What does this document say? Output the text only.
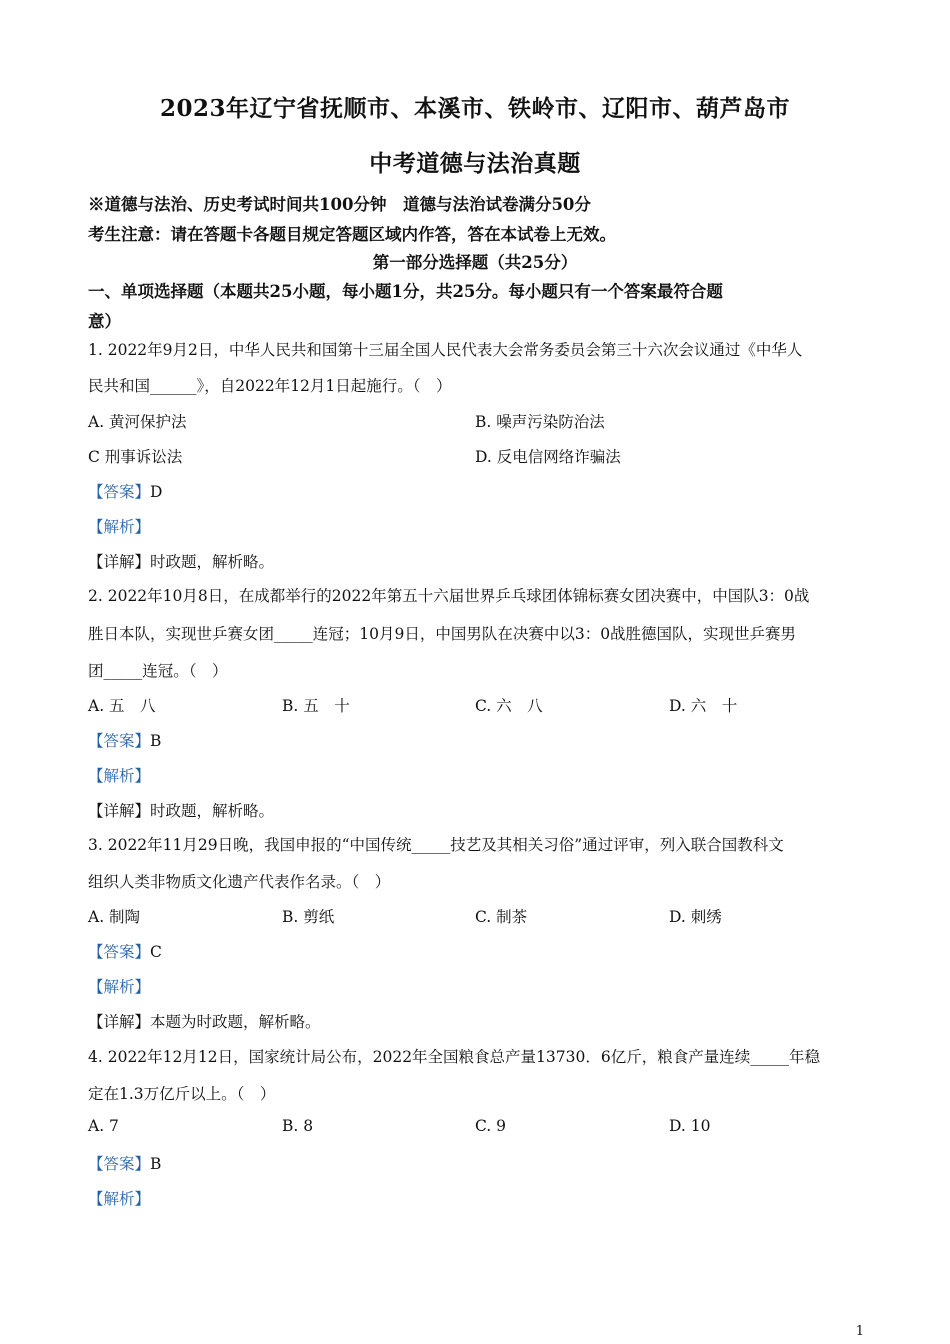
2023年辽宁省抚顺市、本溪市、铁岭市、辽阳市、葫芦岛市
中考道德与法治真题
※道德与法治、历史考试时间共100分钟　道德与法治试卷满分50分
考生注意：请在答题卡各题目规定答题区域内作答，答在本试卷上无效。
第一部分选择题（共25分）
一、单项选择题（本题共25小题，每小题1分，共25分。每小题只有一个答案最符合题
意）
1. 2022年9月2日，中华人民共和国第十三届全国人民代表大会常务委员会第三十六次会议通过《中华人
民共和国______》，自2022年12月1日起施行。（　）
A. 黄河保护法	B. 噪声污染防治法
C 刑事诉讼法	D. 反电信网络诈骗法
【答案】D
【解析】
【详解】时政题，解析略。
2. 2022年10月8日，在成都举行的2022年第五十六届世界乒乓球团体锦标赛女团决赛中，中国队3：0战
胜日本队，实现世乒赛女团_____连冠；10月9日，中国男队在决赛中以3：0战胜德国队，实现世乒赛男
团_____连冠。（　）
A. 五　八	B. 五　十	C. 六　八	D. 六　十
【答案】B
【解析】
【详解】时政题，解析略。
3. 2022年11月29日晚，我国申报的“中国传统_____技艺及其相关习俗”通过评审，列入联合国教科文
组织人类非物质文化遗产代表作名录。（　）
A. 制陶	B. 剪纸	C. 制茶	D. 刺绣
【答案】C
【解析】
【详解】本题为时政题，解析略。
4. 2022年12月12日，国家统计局公布，2022年全国粮食总产量13730．6亿斤，粮食产量连续_____年稳
定在1.3万亿斤以上。（　）
A. 7	B. 8	C. 9	D. 10
【答案】B
【解析】
1
